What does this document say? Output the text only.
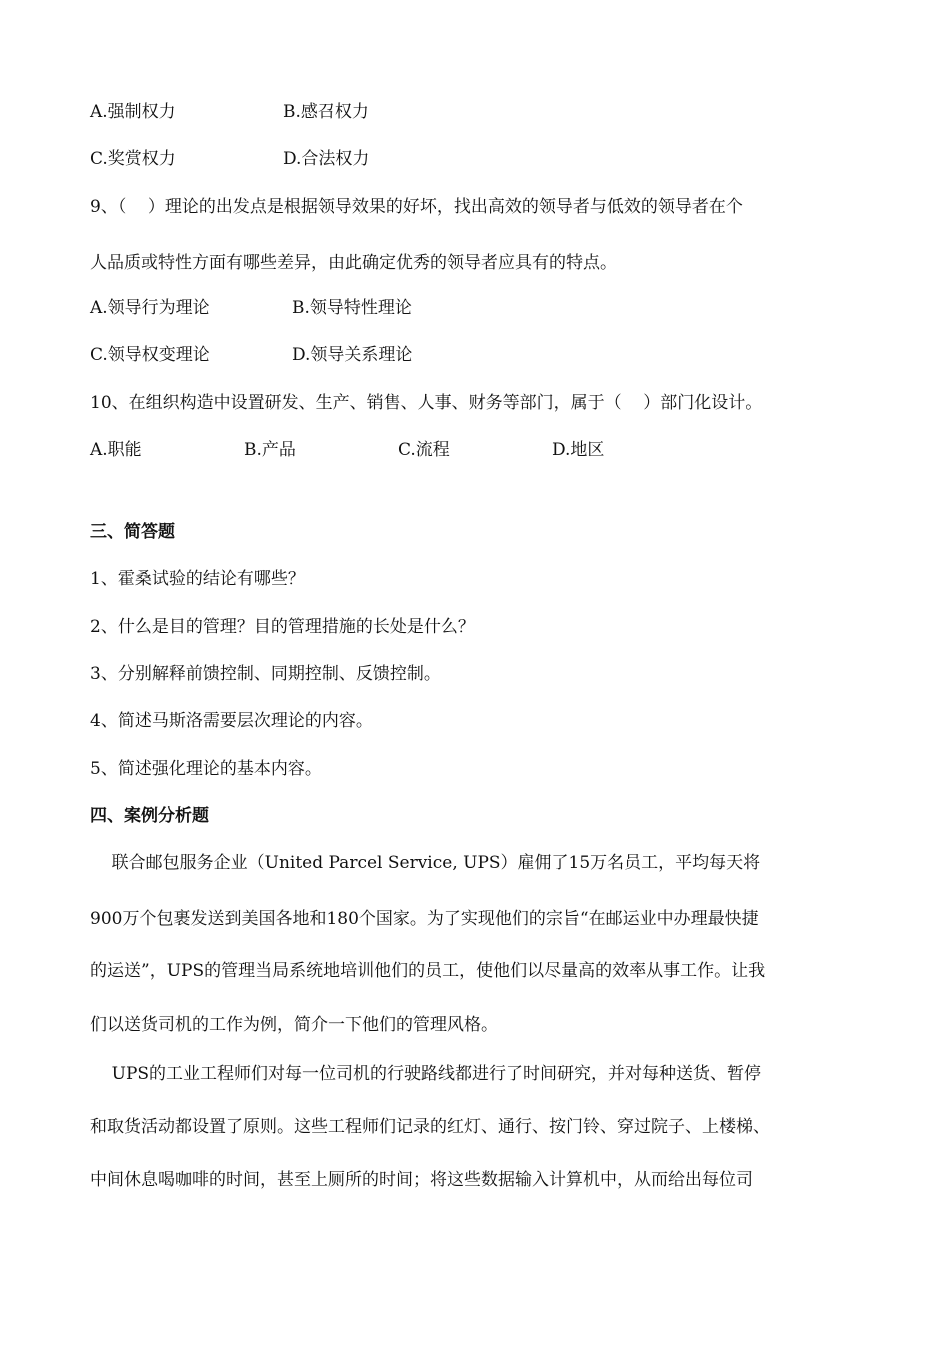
A.强制权力	B.感召权力
C.奖赏权力	D.合法权力
9、（    ）理论的出发点是根据领导效果的好坏，找出高效的领导者与低效的领导者在个
人品质或特性方面有哪些差异，由此确定优秀的领导者应具有的特点。
A.领导行为理论	B.领导特性理论
C.领导权变理论	D.领导关系理论
10、在组织构造中设置研发、生产、销售、人事、财务等部门，属于（    ）部门化设计。
A.职能	B.产品	C.流程	D.地区
三、简答题
1、霍桑试验的结论有哪些？
2、什么是目的管理？目的管理措施的长处是什么？
3、分别解释前馈控制、同期控制、反馈控制。
4、简述马斯洛需要层次理论的内容。
5、简述强化理论的基本内容。
四、案例分析题
联合邮包服务企业（United Parcel Service, UPS）雇佣了15万名员工，平均每天将
900万个包裹发送到美国各地和180个国家。为了实现他们的宗旨“在邮运业中办理最快捷
的运送”，UPS的管理当局系统地培训他们的员工，使他们以尽量高的效率从事工作。让我
们以送货司机的工作为例，简介一下他们的管理风格。
UPS的工业工程师们对每一位司机的行驶路线都进行了时间研究，并对每种送货、暂停
和取货活动都设置了原则。这些工程师们记录的红灯、通行、按门铃、穿过院子、上楼梯、
中间休息喝咖啡的时间，甚至上厕所的时间；将这些数据输入计算机中，从而给出每位司
